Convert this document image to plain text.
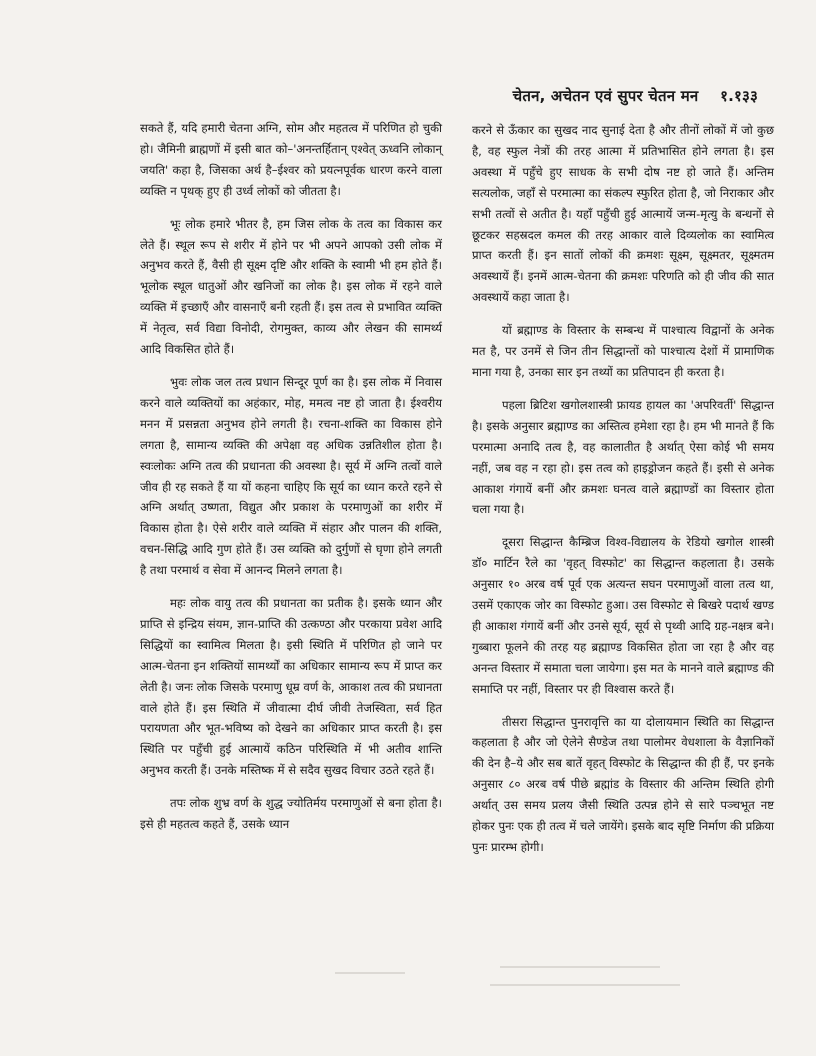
चेतन, अचेतन एवं सुपर चेतन मन १.१३३

सकते हैं, यदि हमारी चेतना अग्नि, सोम और महतत्व में परिणित हो चुकी हो। जैमिनी ब्राह्मणों में इसी बात को–'अनन्तर्हितान् एश्वेत् ऊध्वनि लोकान् जयति' कहा है, जिसका अर्थ है–ईश्वर को प्रयत्नपूर्वक धारण करने वाला व्यक्ति न पृथक् हुए ही उर्ध्व लोकों को जीतता है।

भूः लोक हमारे भीतर है, हम जिस लोक के तत्व का विकास कर लेते हैं। स्थूल रूप से शरीर में होने पर भी अपने आपको उसी लोक में अनुभव करते हैं, वैसी ही सूक्ष्म दृष्टि और शक्ति के स्वामी भी हम होते हैं। भूलोक स्थूल धातुओं और खनिजों का लोक है। इस लोक में रहने वाले व्यक्ति में इच्छाएँ और वासनाएँ बनी रहती हैं। इस तत्व से प्रभावित व्यक्ति में नेतृत्व, सर्व विद्या विनोदी, रोगमुक्त, काव्य और लेखन की सामर्थ्य आदि विकसित होते हैं।

भुवः लोक जल तत्व प्रधान सिन्दूर पूर्ण का है। इस लोक में निवास करने वाले व्यक्तियों का अहंकार, मोह, ममत्व नष्ट हो जाता है। ईश्वरीय मनन में प्रसन्नता अनुभव होने लगती है। रचना-शक्ति का विकास होने लगता है, सामान्य व्यक्ति की अपेक्षा वह अधिक उन्नतिशील होता है। स्वःलोकः अग्नि तत्व की प्रधानता की अवस्था है। सूर्य में अग्नि तत्वों वाले जीव ही रह सकते हैं या यों कहना चाहिए कि सूर्य का ध्यान करते रहने से अग्नि अर्थात् उष्णता, विद्युत और प्रकाश के परमाणुओं का शरीर में विकास होता है। ऐसे शरीर वाले व्यक्ति में संहार और पालन की शक्ति, वचन-सिद्धि आदि गुण होते हैं। उस व्यक्ति को दुर्गुणों से घृणा होने लगती है तथा परमार्थ व सेवा में आनन्द मिलने लगता है।

महः लोक वायु तत्व की प्रधानता का प्रतीक है। इसके ध्यान और प्राप्ति से इन्द्रिय संयम, ज्ञान-प्राप्ति की उत्कण्ठा और परकाया प्रवेश आदि सिद्धियों का स्वामित्व मिलता है। इसी स्थिति में परिणित हो जाने पर आत्म-चेतना इन शक्तियों सामर्थ्यों का अधिकार सामान्य रूप में प्राप्त कर लेती है। जनः लोक जिसके परमाणु धूम्र वर्ण के, आकाश तत्व की प्रधानता वाले होते हैं। इस स्थिति में जीवात्मा दीर्घ जीवी तेजस्विता, सर्व हित परायणता और भूत-भविष्य को देखने का अधिकार प्राप्त करती है। इस स्थिति पर पहुँची हुई आत्मायें कठिन परिस्थिति में भी अतीव शान्ति अनुभव करती हैं। उनके मस्तिष्क में से सदैव सुखद विचार उठते रहते हैं।

तपः लोक शुभ्र वर्ण के शुद्ध ज्योतिर्मय परमाणुओं से बना होता है। इसे ही महतत्व कहते हैं, उसके ध्यान

करने से ऊँकार का सुखद नाद सुनाई देता है और तीनों लोकों में जो कुछ है, वह स्फुल नेत्रों की तरह आत्मा में प्रतिभासित होने लगता है। इस अवस्था में पहुँचे हुए साधक के सभी दोष नष्ट हो जाते हैं। अन्तिम सत्यलोक, जहाँ से परमात्मा का संकल्प स्फुरित होता है, जो निराकार और सभी तत्वों से अतीत है। यहाँ पहुँची हुई आत्मायें जन्म-मृत्यु के बन्धनों से छूटकर सहस्रदल कमल की तरह आकार वाले दिव्यलोक का स्वामित्व प्राप्त करती हैं। इन सातों लोकों की क्रमशः सूक्ष्म, सूक्ष्मतर, सूक्ष्मतम अवस्थायें हैं। इनमें आत्म-चेतना की क्रमशः परिणति को ही जीव की सात अवस्थायें कहा जाता है।

यों ब्रह्माण्ड के विस्तार के सम्बन्ध में पाश्चात्य विद्वानों के अनेक मत है, पर उनमें से जिन तीन सिद्धान्तों को पाश्चात्य देशों में प्रामाणिक माना गया है, उनका सार इन तथ्यों का प्रतिपादन ही करता है।

पहला ब्रिटिश खगोलशास्त्री फ्रायड हायल का 'अपरिवर्ती' सिद्धान्त है। इसके अनुसार ब्रह्माण्ड का अस्तित्व हमेशा रहा है। हम भी मानते हैं कि परमात्मा अनादि तत्व है, वह कालातीत है अर्थात् ऐसा कोई भी समय नहीं, जब वह न रहा हो। इस तत्व को हाइड्रोजन कहते हैं। इसी से अनेक आकाश गंगायें बनीं और क्रमशः घनत्व वाले ब्रह्माण्डों का विस्तार होता चला गया है।

दूसरा सिद्धान्त कैम्ब्रिज विश्व-विद्यालय के रेडियो खगोल शास्त्री डॉ० मार्टिन रैले का 'वृहत् विस्फोट' का सिद्धान्त कहलाता है। उसके अनुसार १० अरब वर्ष पूर्व एक अत्यन्त सघन परमाणुओं वाला तत्व था, उसमें एकाएक जोर का विस्फोट हुआ। उस विस्फोट से बिखरे पदार्थ खण्ड ही आकाश गंगायें बनीं और उनसे सूर्य, सूर्य से पृथ्वी आदि ग्रह-नक्षत्र बने। गुब्बारा फूलने की तरह यह ब्रह्माण्ड विकसित होता जा रहा है और वह अनन्त विस्तार में समाता चला जायेगा। इस मत के मानने वाले ब्रह्माण्ड की समाप्ति पर नहीं, विस्तार पर ही विश्वास करते हैं।

तीसरा सिद्धान्त पुनरावृत्ति का या दोलायमान स्थिति का सिद्धान्त कहलाता है और जो ऐलेने सैण्डेज तथा पालोमर वेधशाला के वैज्ञानिकों की देन है–ये और सब बातें वृहत् विस्फोट के सिद्धान्त की ही हैं, पर इनके अनुसार ८० अरब वर्ष पीछे ब्रह्मांड के विस्तार की अन्तिम स्थिति होगी अर्थात् उस समय प्रलय जैसी स्थिति उत्पन्न होने से सारे पञ्चभूत नष्ट होकर पुनः एक ही तत्व में चले जायेंगे। इसके बाद सृष्टि निर्माण की प्रक्रिया पुनः प्रारम्भ होगी।
